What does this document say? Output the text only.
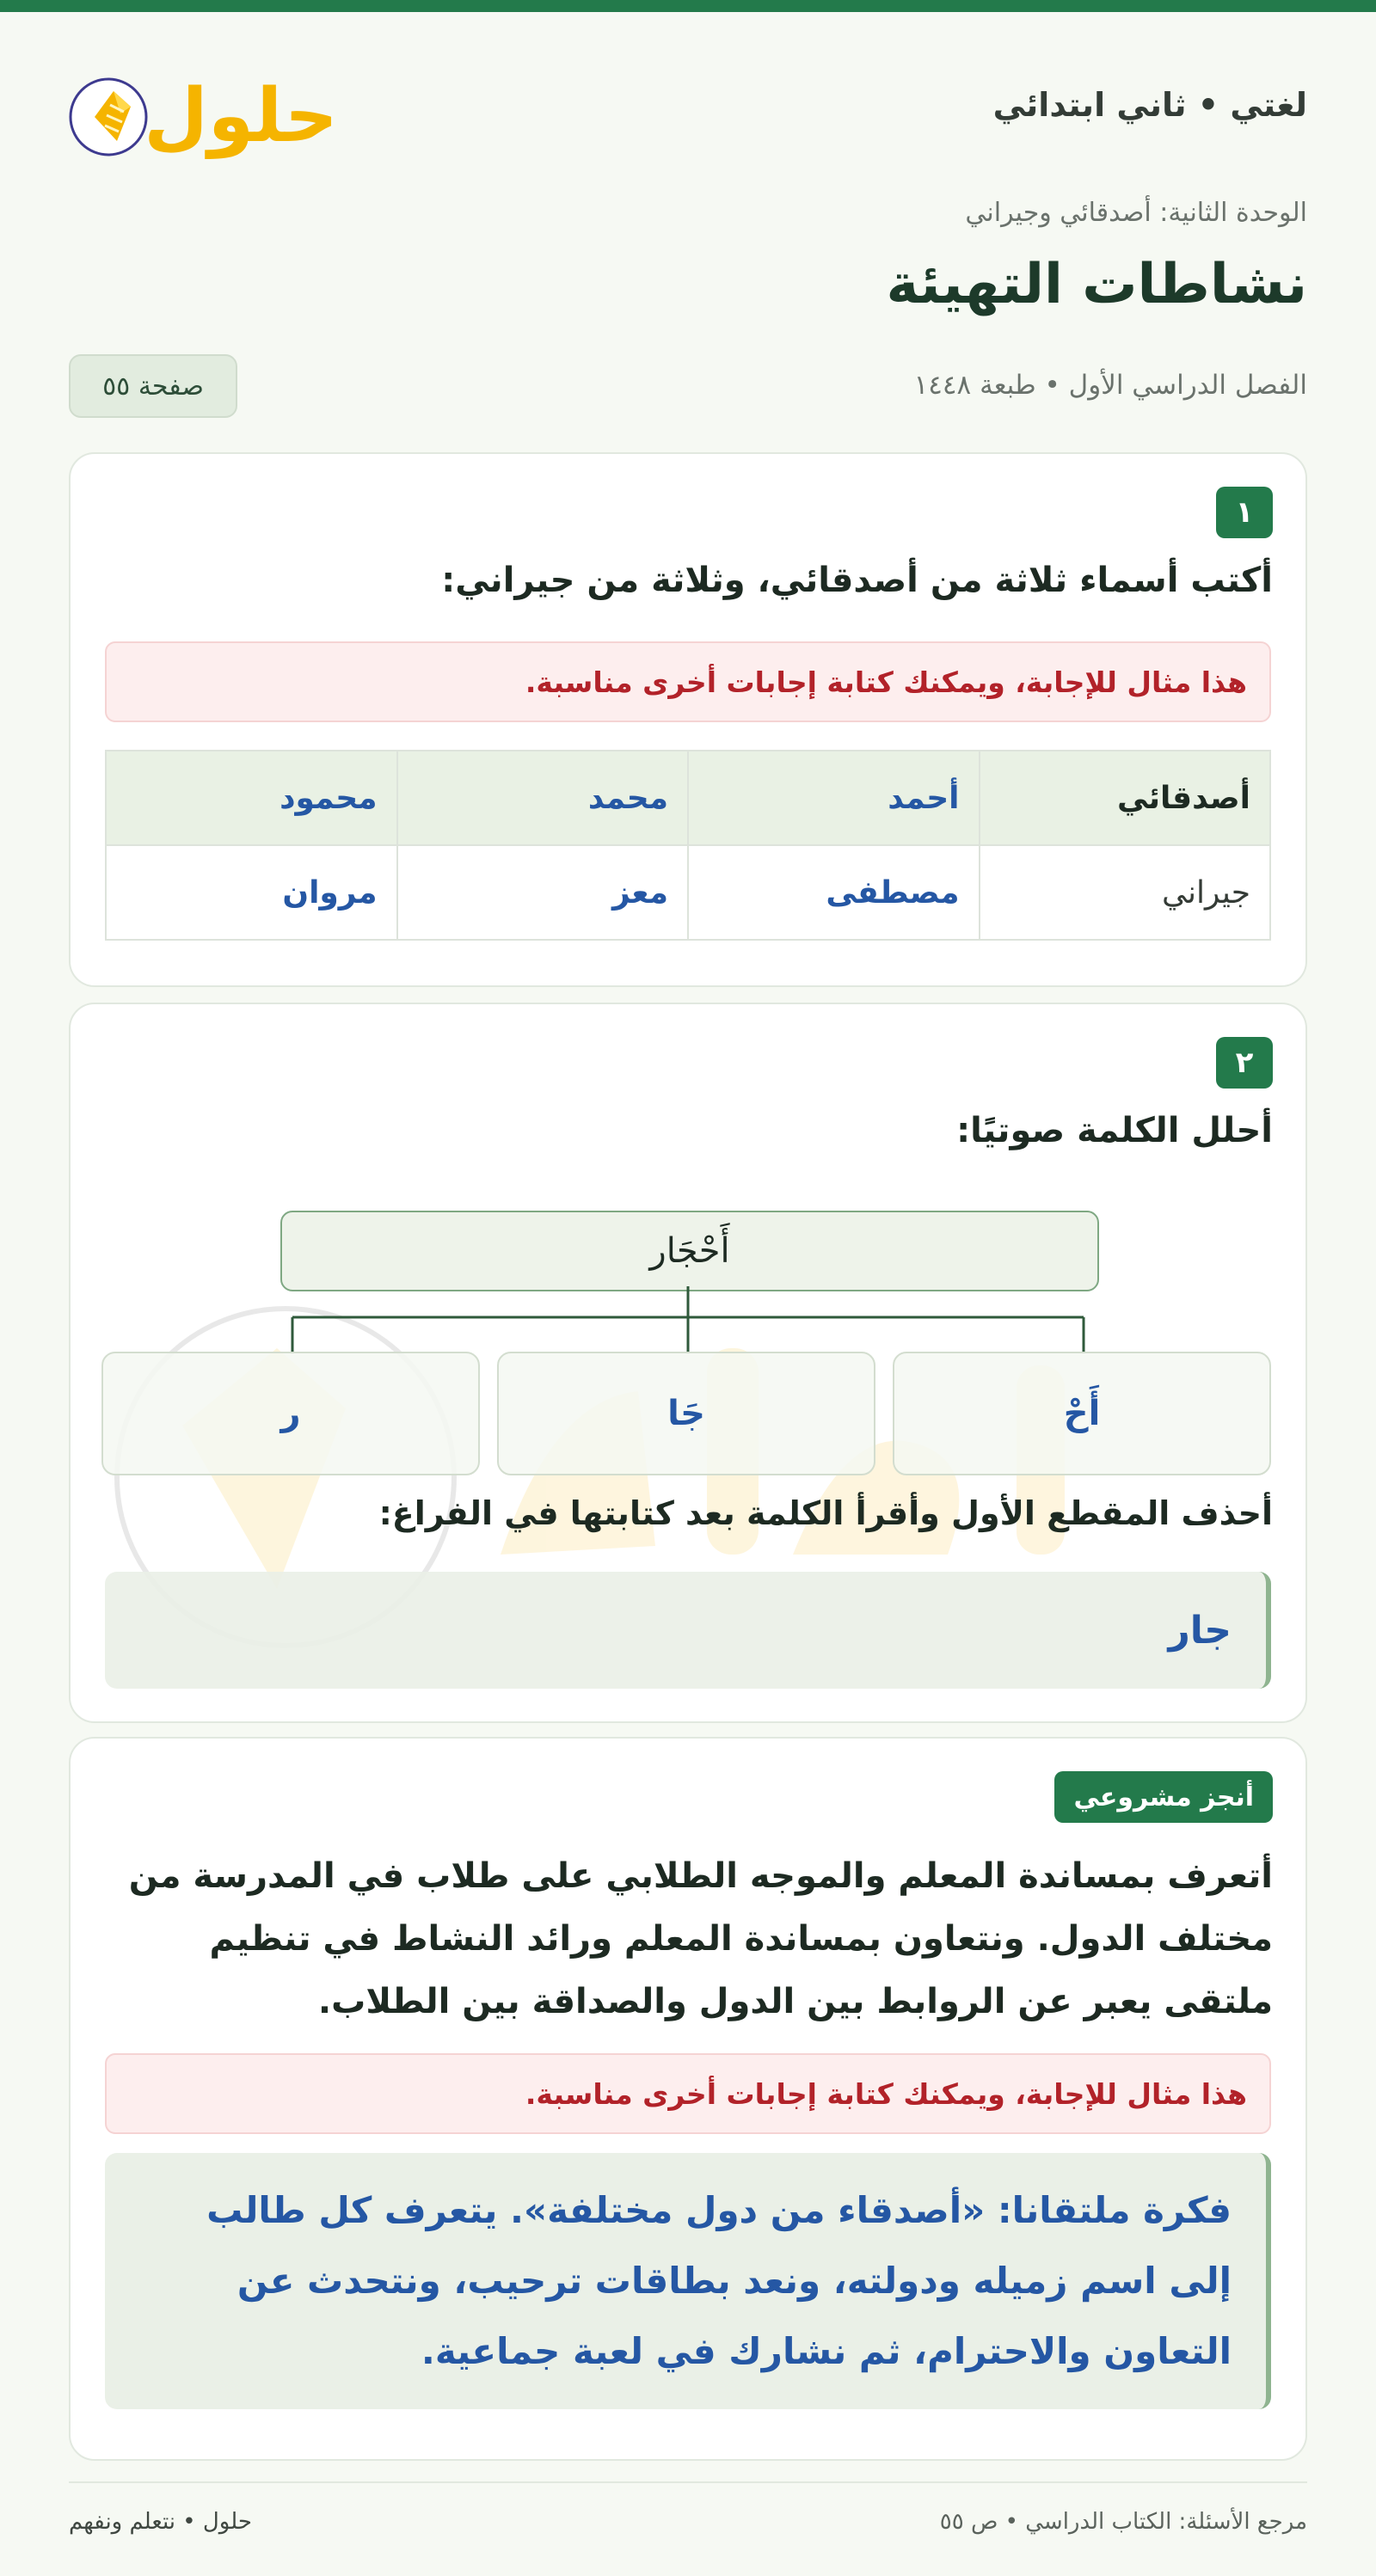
لغتي • ثاني ابتدائي
حلول
الوحدة الثانية: أصدقائي وجيراني
نشاطات التهيئة
الفصل الدراسي الأول • طبعة ١٤٤٨
صفحة ٥٥
١
أكتب أسماء ثلاثة من أصدقائي، وثلاثة من جيراني:
هذا مثال للإجابة، ويمكنك كتابة إجابات أخرى مناسبة.
أصدقائي	أحمد	محمد	محمود
جيراني	مصطفى	معز	مروان
٢
أحلل الكلمة صوتيًا:
أَحْجَار
أَحْ
جَا
ر
أحذف المقطع الأول وأقرأ الكلمة بعد كتابتها في الفراغ:
جار
أنجز مشروعي

أتعرف بمساندة المعلم والموجه الطلابي على طلاب في المدرسة من مختلف الدول. ونتعاون بمساندة المعلم ورائد النشاط في تنظيم ملتقى يعبر عن الروابط بين الدول والصداقة بين الطلاب.

هذا مثال للإجابة، ويمكنك كتابة إجابات أخرى مناسبة.
فكرة ملتقانا: «أصدقاء من دول مختلفة». يتعرف كل طالب إلى اسم زميله ودولته، ونعد بطاقات ترحيب، ونتحدث عن التعاون والاحترام، ثم نشارك في لعبة جماعية.
مرجع الأسئلة: الكتاب الدراسي • ص ٥٥
حلول • نتعلم ونفهم
